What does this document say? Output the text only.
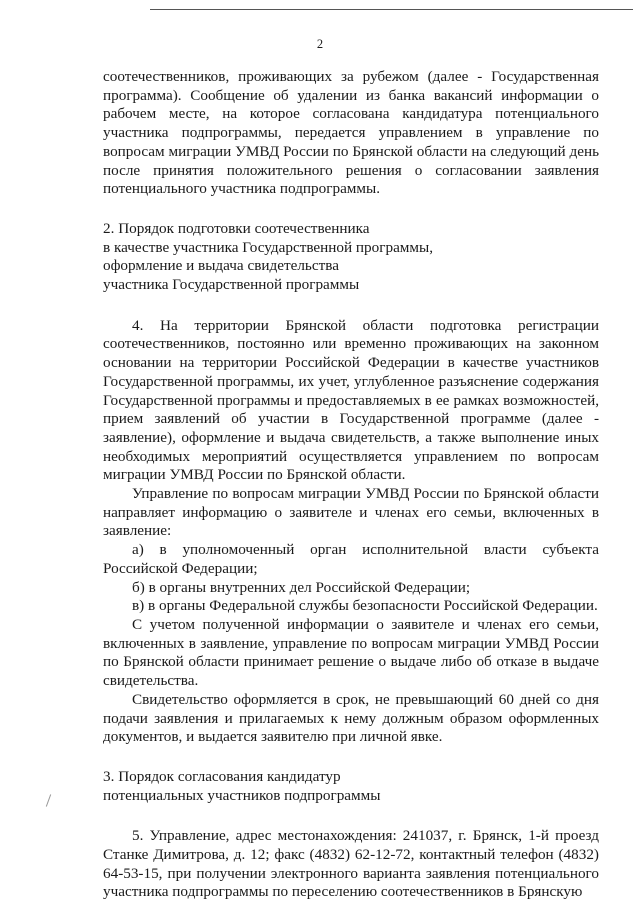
2

соотечественников, проживающих за рубежом (далее - Государственная программа). Сообщение об удалении из банка вакансий информации о рабочем месте, на которое согласована кандидатура потенциального участника подпрограммы, передается управлением в управление по вопросам миграции УМВД России по Брянской области на следующий день после принятия положительного решения о согласовании заявления потенциального участника подпрограммы.

2. Порядок подготовки соотечественника

в качестве участника Государственной программы,

оформление и выдача свидетельства

участника Государственной программы

4. На территории Брянской области подготовка регистрации соотечественников, постоянно или временно проживающих на законном основании на территории Российской Федерации в качестве участников Государственной программы, их учет, углубленное разъяснение содержания Государственной программы и предоставляемых в ее рамках возможностей, прием заявлений об участии в Государственной программе (далее - заявление), оформление и выдача свидетельств, а также выполнение иных необходимых мероприятий осуществляется управлением по вопросам миграции УМВД России по Брянской области.

Управление по вопросам миграции УМВД России по Брянской области направляет информацию о заявителе и членах его семьи, включенных в заявление:

а) в уполномоченный орган исполнительной власти субъекта Российской Федерации;

б) в органы внутренних дел Российской Федерации;

в) в органы Федеральной службы безопасности Российской Федерации.

С учетом полученной информации о заявителе и членах его семьи, включенных в заявление, управление по вопросам миграции УМВД России по Брянской области принимает решение о выдаче либо об отказе в выдаче свидетельства.

Свидетельство оформляется в срок, не превышающий 60 дней со дня подачи заявления и прилагаемых к нему должным образом оформленных документов, и выдается заявителю при личной явке.

3. Порядок согласования кандидатур

потенциальных участников подпрограммы

5. Управление, адрес местонахождения: 241037, г. Брянск, 1-й проезд Станке Димитрова, д. 12; факс (4832) 62-12-72, контактный телефон (4832) 64-53-15, при получении электронного варианта заявления потенциального участника подпрограммы по переселению соотечественников в Брянскую
